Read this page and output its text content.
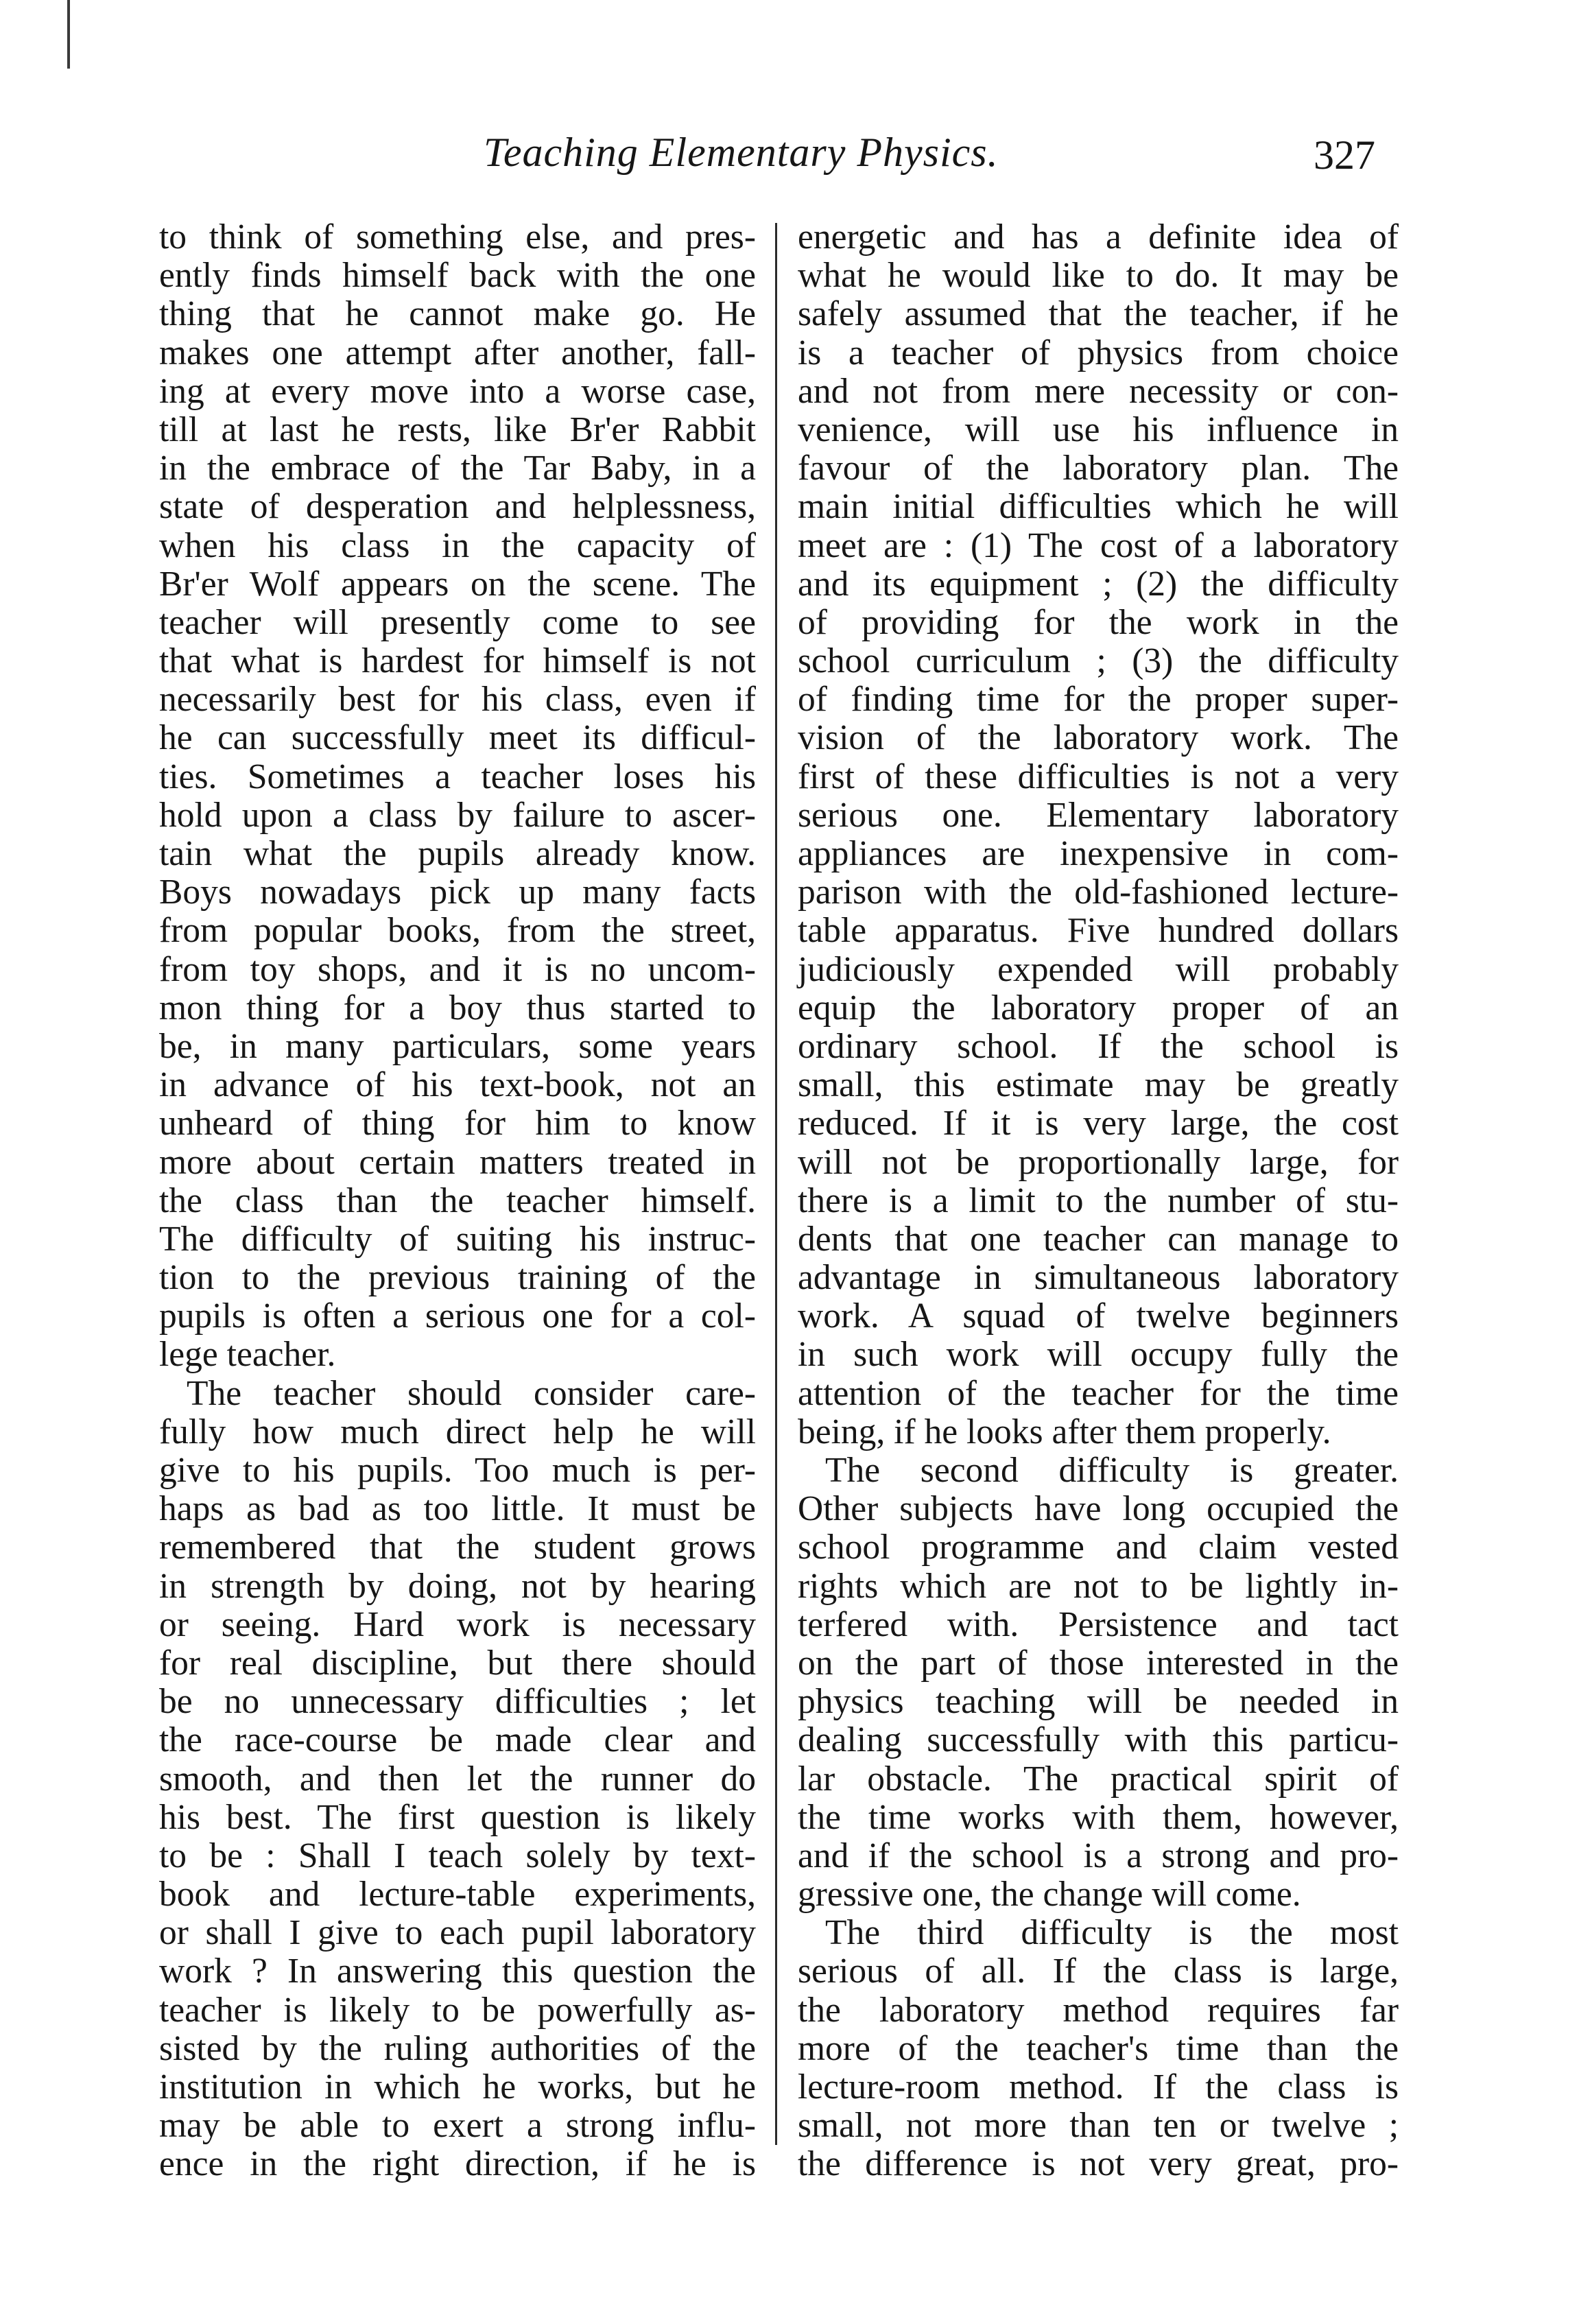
Teaching Elementary Physics.	327
to think of something else, and pres-
ently finds himself back with the one
thing that he cannot make go. He
makes one attempt after another, fall-
ing at every move into a worse case,
till at last he rests, like Br'er Rabbit
in the embrace of the Tar Baby, in a
state of desperation and helplessness,
when his class in the capacity of
Br'er Wolf appears on the scene. The
teacher will presently come to see
that what is hardest for himself is not
necessarily best for his class, even if
he can successfully meet its difficul-
ties. Sometimes a teacher loses his
hold upon a class by failure to ascer-
tain what the pupils already know.
Boys nowadays pick up many facts
from popular books, from the street,
from toy shops, and it is no uncom-
mon thing for a boy thus started to
be, in many particulars, some years
in advance of his text-book, not an
unheard of thing for him to know
more about certain matters treated in
the class than the teacher himself.
The difficulty of suiting his instruc-
tion to the previous training of the
pupils is often a serious one for a col-
lege teacher.
The teacher should consider care-
fully how much direct help he will
give to his pupils. Too much is per-
haps as bad as too little. It must be
remembered that the student grows
in strength by doing, not by hearing
or seeing. Hard work is necessary
for real discipline, but there should
be no unnecessary difficulties ; let
the race-course be made clear and
smooth, and then let the runner do
his best. The first question is likely
to be : Shall I teach solely by text-
book and lecture-table experiments,
or shall I give to each pupil laboratory
work ? In answering this question the
teacher is likely to be powerfully as-
sisted by the ruling authorities of the
institution in which he works, but he
may be able to exert a strong influ-
ence in the right direction, if he is
energetic and has a definite idea of
what he would like to do. It may be
safely assumed that the teacher, if he
is a teacher of physics from choice
and not from mere necessity or con-
venience, will use his influence in
favour of the laboratory plan. The
main initial difficulties which he will
meet are : (1) The cost of a laboratory
and its equipment ; (2) the difficulty
of providing for the work in the
school curriculum ; (3) the difficulty
of finding time for the proper super-
vision of the laboratory work. The
first of these difficulties is not a very
serious one. Elementary laboratory
appliances are inexpensive in com-
parison with the old-fashioned lecture-
table apparatus. Five hundred dollars
judiciously expended will probably
equip the laboratory proper of an
ordinary school. If the school is
small, this estimate may be greatly
reduced. If it is very large, the cost
will not be proportionally large, for
there is a limit to the number of stu-
dents that one teacher can manage to
advantage in simultaneous laboratory
work. A squad of twelve beginners
in such work will occupy fully the
attention of the teacher for the time
being, if he looks after them properly.
The second difficulty is greater.
Other subjects have long occupied the
school programme and claim vested
rights which are not to be lightly in-
terfered with. Persistence and tact
on the part of those interested in the
physics teaching will be needed in
dealing successfully with this particu-
lar obstacle. The practical spirit of
the time works with them, however,
and if the school is a strong and pro-
gressive one, the change will come.
The third difficulty is the most
serious of all. If the class is large,
the laboratory method requires far
more of the teacher's time than the
lecture-room method. If the class is
small, not more than ten or twelve ;
the difference is not very great, pro-
